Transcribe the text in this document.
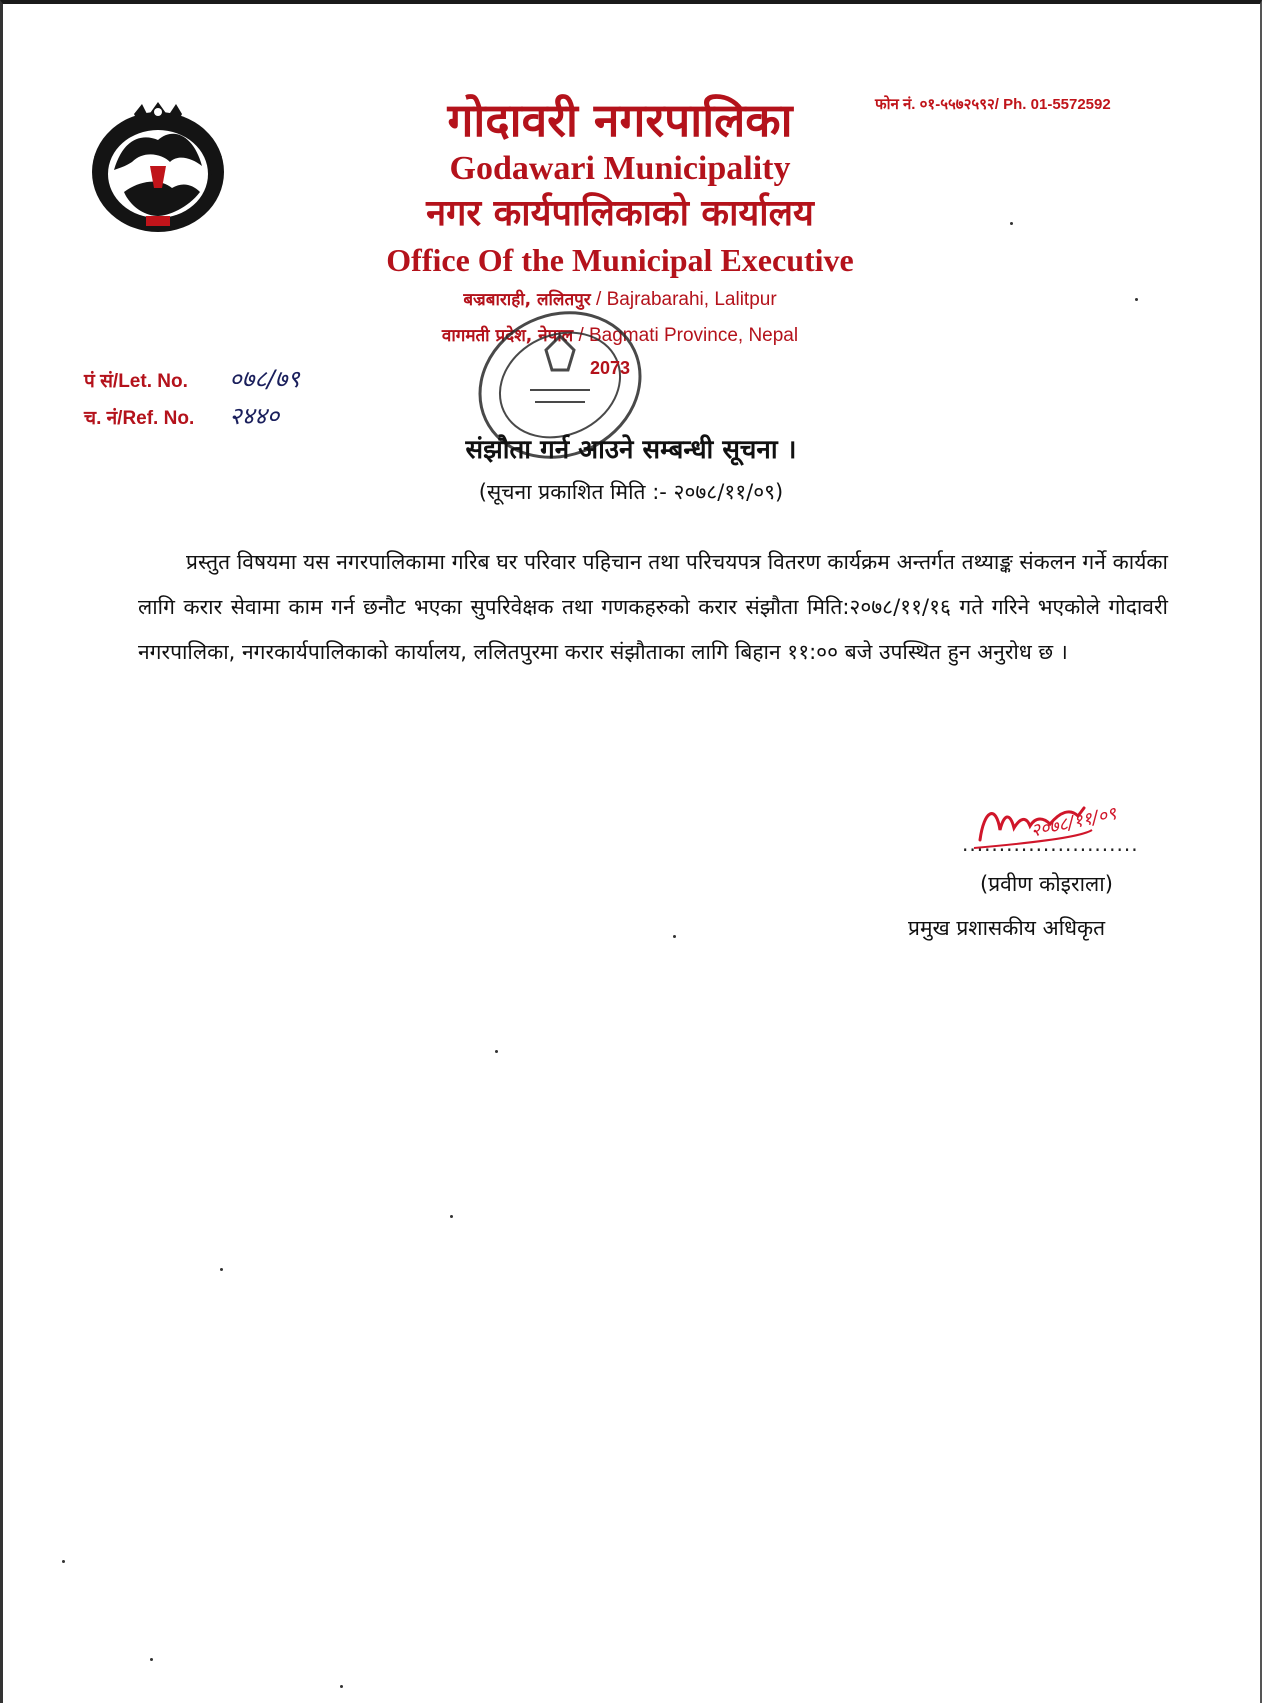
फोन नं. ०१-५५७२५९२/ Ph. 01-5572592

गोदावरी नगरपालिका

Godawari Municipality

नगर कार्यपालिकाको कार्यालय

Office Of the Municipal Executive

बज्रबाराही, ललितपुर / Bajrabarahi, Lalitpur

वागमती प्रदेश, नेपाल / Bagmati Province, Nepal

2073
पं सं/Let. No. ०७८/७९
च. नं/Ref. No. २४४०
संझौता गर्न आउने सम्बन्धी सूचना ।
(सूचना प्रकाशित मिति :- २०७८/११/०९)

प्रस्तुत विषयमा यस नगरपालिकामा गरिब घर परिवार पहिचान तथा परिचयपत्र वितरण कार्यक्रम अन्तर्गत तथ्याङ्क संकलन गर्ने कार्यका लागि करार सेवामा काम गर्न छनौट भएका सुपरिवेक्षक तथा गणकहरुको करार संझौता मिति:२०७८/११/१६ गते गरिने भएकोले गोदावरी नगरपालिका, नगरकार्यपालिकाको कार्यालय, ललितपुरमा करार संझौताका लागि बिहान ११:०० बजे उपस्थित हुन अनुरोध छ ।

........................
२०७८/११/०९
(प्रवीण कोइराला)
प्रमुख प्रशासकीय अधिकृत
